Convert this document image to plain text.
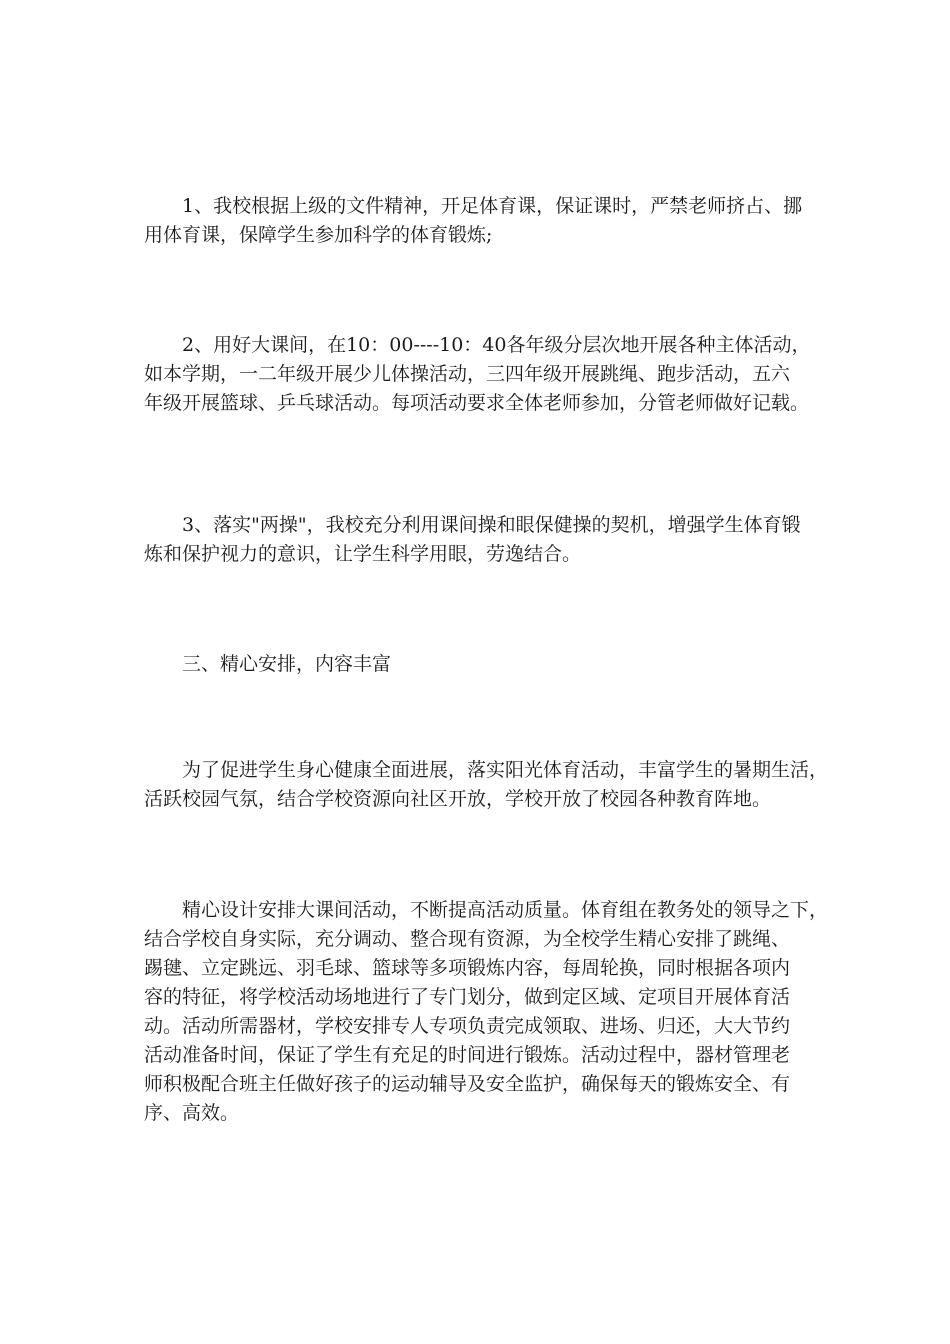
1、我校根据上级的文件精神，开足体育课，保证课时，严禁老师挤占、挪
用体育课，保障学生参加科学的体育锻炼;
2、用好大课间，在10：00----10：40各年级分层次地开展各种主体活动，
如本学期，一二年级开展少儿体操活动，三四年级开展跳绳、跑步活动，五六
年级开展篮球、乒乓球活动。每项活动要求全体老师参加，分管老师做好记载。
3、落实"两操"，我校充分利用课间操和眼保健操的契机，增强学生体育锻
炼和保护视力的意识，让学生科学用眼，劳逸结合。
三、精心安排，内容丰富
为了促进学生身心健康全面进展，落实阳光体育活动，丰富学生的暑期生活，
活跃校园气氛，结合学校资源向社区开放，学校开放了校园各种教育阵地。
精心设计安排大课间活动，不断提高活动质量。体育组在教务处的领导之下，
结合学校自身实际，充分调动、整合现有资源，为全校学生精心安排了跳绳、
踢毽、立定跳远、羽毛球、篮球等多项锻炼内容，每周轮换，同时根据各项内
容的特征，将学校活动场地进行了专门划分，做到定区域、定项目开展体育活
动。活动所需器材，学校安排专人专项负责完成领取、进场、归还，大大节约
活动准备时间，保证了学生有充足的时间进行锻炼。活动过程中，器材管理老
师积极配合班主任做好孩子的运动辅导及安全监护，确保每天的锻炼安全、有
序、高效。
